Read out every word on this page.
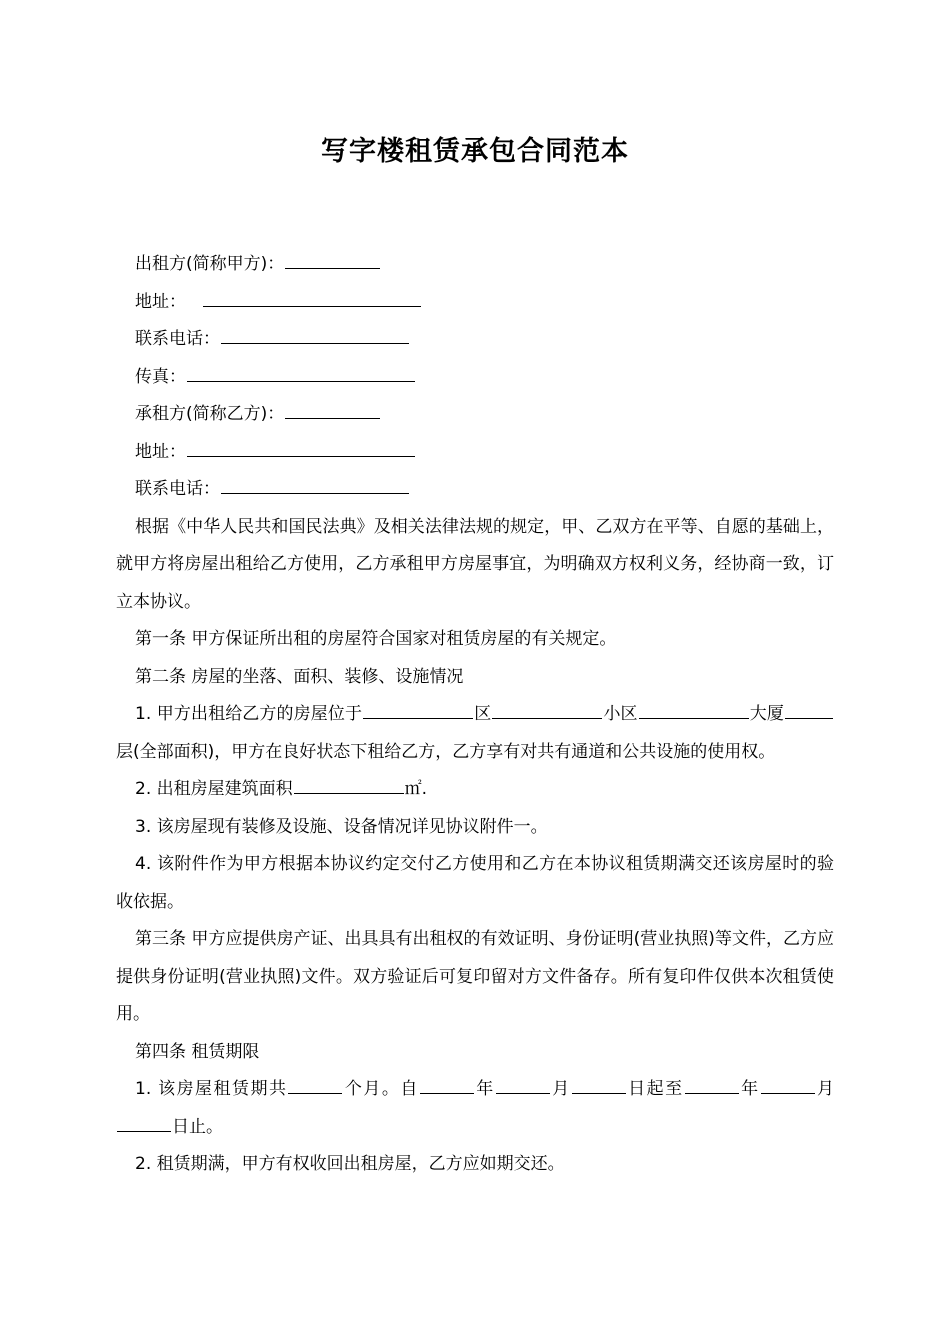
写字楼租赁承包合同范本

出租方(简称甲方)：

地址：

联系电话：

传真：

承租方(简称乙方)：

地址：

联系电话：

根据《中华人民共和国民法典》及相关法律法规的规定，甲、乙双方在平等、自愿的基础上，就甲方将房屋出租给乙方使用，乙方承租甲方房屋事宜，为明确双方权利义务，经协商一致，订立本协议。

第一条 甲方保证所出租的房屋符合国家对租赁房屋的有关规定。

第二条 房屋的坐落、面积、装修、设施情况

1. 甲方出租给乙方的房屋位于	区	小区	大厦层(全部面积)，甲方在良好状态下租给乙方，乙方享有对共有通道和公共设施的使用权。

2. 出租房屋建筑面积	㎡.

3. 该房屋现有装修及设施、设备情况详见协议附件一。

4. 该附件作为甲方根据本协议约定交付乙方使用和乙方在本协议租赁期满交还该房屋时的验收依据。

第三条 甲方应提供房产证、出具具有出租权的有效证明、身份证明(营业执照)等文件，乙方应提供身份证明(营业执照)文件。双方验证后可复印留对方文件备存。所有复印件仅供本次租赁使用。

第四条 租赁期限

1. 该房屋租赁期共	个月。自	年	月	日起至	年	月日止。

2. 租赁期满，甲方有权收回出租房屋，乙方应如期交还。
